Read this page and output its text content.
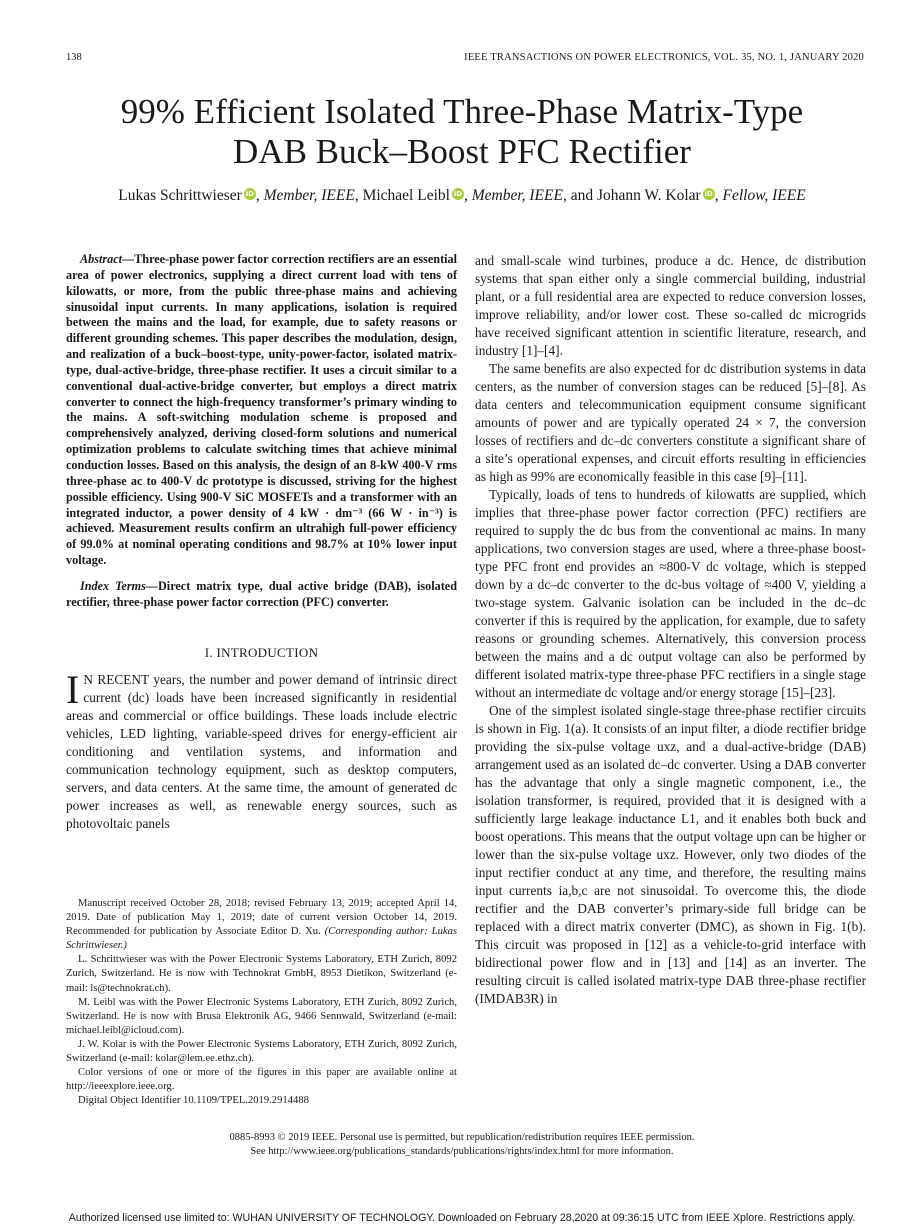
138	IEEE TRANSACTIONS ON POWER ELECTRONICS, VOL. 35, NO. 1, JANUARY 2020
99% Efficient Isolated Three-Phase Matrix-Type
DAB Buck–Boost PFC Rectifier
Lukas Schrittwieser iD , Member, IEEE, Michael Leibl iD , Member, IEEE, and Johann W. Kolar iD , Fellow, IEEE

Abstract—Three-phase power factor correction rectifiers are an essential area of power electronics, supplying a direct current load with tens of kilowatts, or more, from the public three-phase mains and achieving sinusoidal input currents. In many applications, isolation is required between the mains and the load, for example, due to safety reasons or different grounding schemes. This paper describes the modulation, design, and realization of a buck–boost-type, unity-power-factor, isolated matrix-type, dual-active-bridge, three-phase rectifier. It uses a circuit similar to a conventional dual-active-bridge converter, but employs a direct matrix converter to connect the high-frequency transformer’s primary winding to the mains. A soft-switching modulation scheme is proposed and comprehensively analyzed, deriving closed-form solutions and numerical optimization problems to calculate switching times that achieve minimal conduction losses. Based on this analysis, the design of an 8-kW 400-V rms three-phase ac to 400-V dc prototype is discussed, striving for the highest possible efficiency. Using 900-V SiC MOSFETs and a transformer with an integrated inductor, a power density of 4 kW · dm⁻³ (66 W · in⁻³) is achieved. Measurement results confirm an ultrahigh full-power efficiency of 99.0% at nominal operating conditions and 98.7% at 10% lower input voltage.

Index Terms—Direct matrix type, dual active bridge (DAB), isolated rectifier, three-phase power factor correction (PFC) converter.

I. INTRODUCTION

I N RECENT years, the number and power demand of intrinsic direct current (dc) loads have been increased significantly in residential areas and commercial or office buildings. These loads include electric vehicles, LED lighting, variable-speed drives for energy-efficient air conditioning and ventilation systems, and information and communication technology equipment, such as desktop computers, servers, and data centers. At the same time, the amount of generated dc power increases as well, as renewable energy sources, such as photovoltaic panels

Manuscript received October 28, 2018; revised February 13, 2019; accepted April 14, 2019. Date of publication May 1, 2019; date of current version October 14, 2019. Recommended for publication by Associate Editor D. Xu. (Corresponding author: Lukas Schrittwieser.)

L. Schrittwieser was with the Power Electronic Systems Laboratory, ETH Zurich, 8092 Zurich, Switzerland. He is now with Technokrat GmbH, 8953 Dietikon, Switzerland (e-mail: ls@technokrat.ch).

M. Leibl was with the Power Electronic Systems Laboratory, ETH Zurich, 8092 Zurich, Switzerland. He is now with Brusa Elektronik AG, 9466 Sennwald, Switzerland (e-mail: michael.leibl@icloud.com).

J. W. Kolar is with the Power Electronic Systems Laboratory, ETH Zurich, 8092 Zurich, Switzerland (e-mail: kolar@lem.ee.ethz.ch).

Color versions of one or more of the figures in this paper are available online at http://ieeexplore.ieee.org.

Digital Object Identifier 10.1109/TPEL.2019.2914488

and small-scale wind turbines, produce a dc. Hence, dc distribution systems that span either only a single commercial building, industrial plant, or a full residential area are expected to reduce conversion losses, improve reliability, and/or lower cost. These so-called dc microgrids have received significant attention in scientific literature, research, and industry [1]–[4].

The same benefits are also expected for dc distribution systems in data centers, as the number of conversion stages can be reduced [5]–[8]. As data centers and telecommunication equipment consume significant amounts of power and are typically operated 24 × 7, the conversion losses of rectifiers and dc–dc converters constitute a significant share of a site’s operational expenses, and circuit efforts resulting in efficiencies as high as 99% are economically feasible in this case [9]–[11].

Typically, loads of tens to hundreds of kilowatts are supplied, which implies that three-phase power factor correction (PFC) rectifiers are required to supply the dc bus from the conventional ac mains. In many applications, two conversion stages are used, where a three-phase boost-type PFC front end provides an ≈800-V dc voltage, which is stepped down by a dc–dc converter to the dc-bus voltage of ≈400 V, yielding a two-stage system. Galvanic isolation can be included in the dc–dc converter if this is required by the application, for example, due to safety reasons or grounding schemes. Alternatively, this conversion process between the mains and a dc output voltage can also be performed by different isolated matrix-type three-phase PFC rectifiers in a single stage without an intermediate dc voltage and/or energy storage [15]–[23].

One of the simplest isolated single-stage three-phase rectifier circuits is shown in Fig. 1(a). It consists of an input filter, a diode rectifier bridge providing the six-pulse voltage uxz, and a dual-active-bridge (DAB) arrangement used as an isolated dc–dc converter. Using a DAB converter has the advantage that only a single magnetic component, i.e., the isolation transformer, is required, provided that it is designed with a sufficiently large leakage inductance L1, and it enables both buck and boost operations. This means that the output voltage upn can be higher or lower than the six-pulse voltage uxz. However, only two diodes of the input rectifier conduct at any time, and therefore, the resulting mains input currents ia,b,c are not sinusoidal. To overcome this, the diode rectifier and the DAB converter’s primary-side full bridge can be replaced with a direct matrix converter (DMC), as shown in Fig. 1(b). This circuit was proposed in [12] as a vehicle-to-grid interface with bidirectional power flow and in [13] and [14] as an inverter. The resulting circuit is called isolated matrix-type DAB three-phase rectifier (IMDAB3R) in

0885-8993 © 2019 IEEE. Personal use is permitted, but republication/redistribution requires IEEE permission.
See http://www.ieee.org/publications_standards/publications/rights/index.html for more information.
Authorized licensed use limited to: WUHAN UNIVERSITY OF TECHNOLOGY. Downloaded on February 28,2020 at 09:36:15 UTC from IEEE Xplore. Restrictions apply.
